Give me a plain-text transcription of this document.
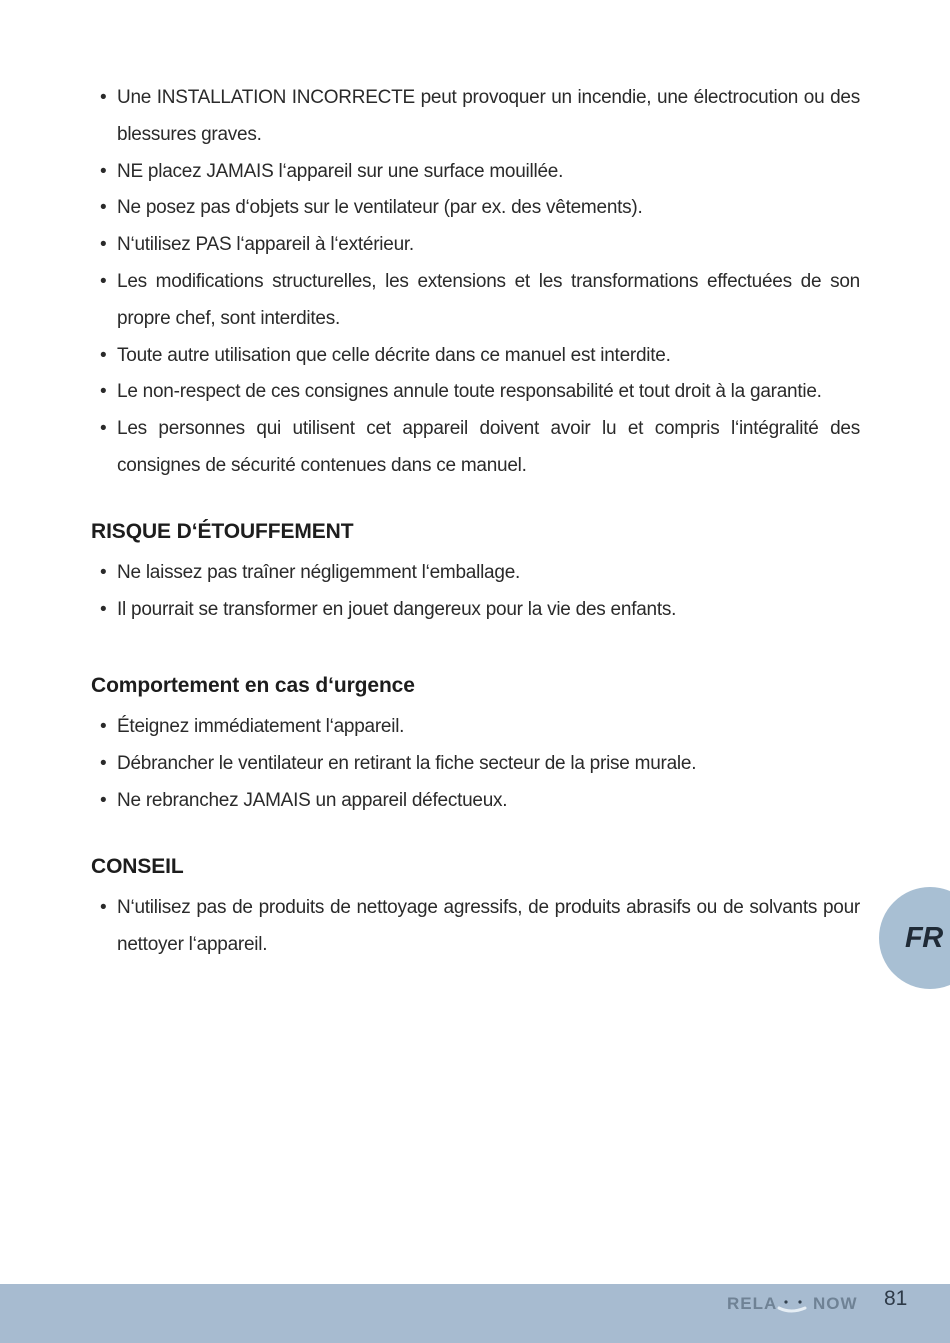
• Une INSTALLATION INCORRECTE peut provoquer un incendie, une électrocution ou des blessures graves.
• NE placez JAMAIS l‘appareil sur une surface mouillée.
• Ne posez pas d‘objets sur le ventilateur (par ex. des vêtements).
• N‘utilisez PAS l‘appareil à l‘extérieur.
• Les modifications structurelles, les extensions et les transformations effectuées de son propre chef, sont interdites.
• Toute autre utilisation que celle décrite dans ce manuel est interdite.
• Le non-respect de ces consignes annule toute responsabilité et tout droit à la garantie.
• Les personnes qui utilisent cet appareil doivent avoir lu et compris l‘intégralité des consignes de sécurité contenues dans ce manuel.
RISQUE D‘ÉTOUFFEMENT
• Ne laissez pas traîner négligemment l‘emballage.
• Il pourrait se transformer en jouet dangereux pour la vie des enfants.
Comportement en cas d‘urgence
• Éteignez immédiatement l‘appareil.
• Débrancher le ventilateur en retirant la fiche secteur de la prise murale.
• Ne rebranchez JAMAIS un appareil défectueux.
CONSEIL
• N‘utilisez pas de produits de nettoyage agressifs, de produits abrasifs ou de solvants pour nettoyer l‘appareil.	FR
RELA NOW 81
